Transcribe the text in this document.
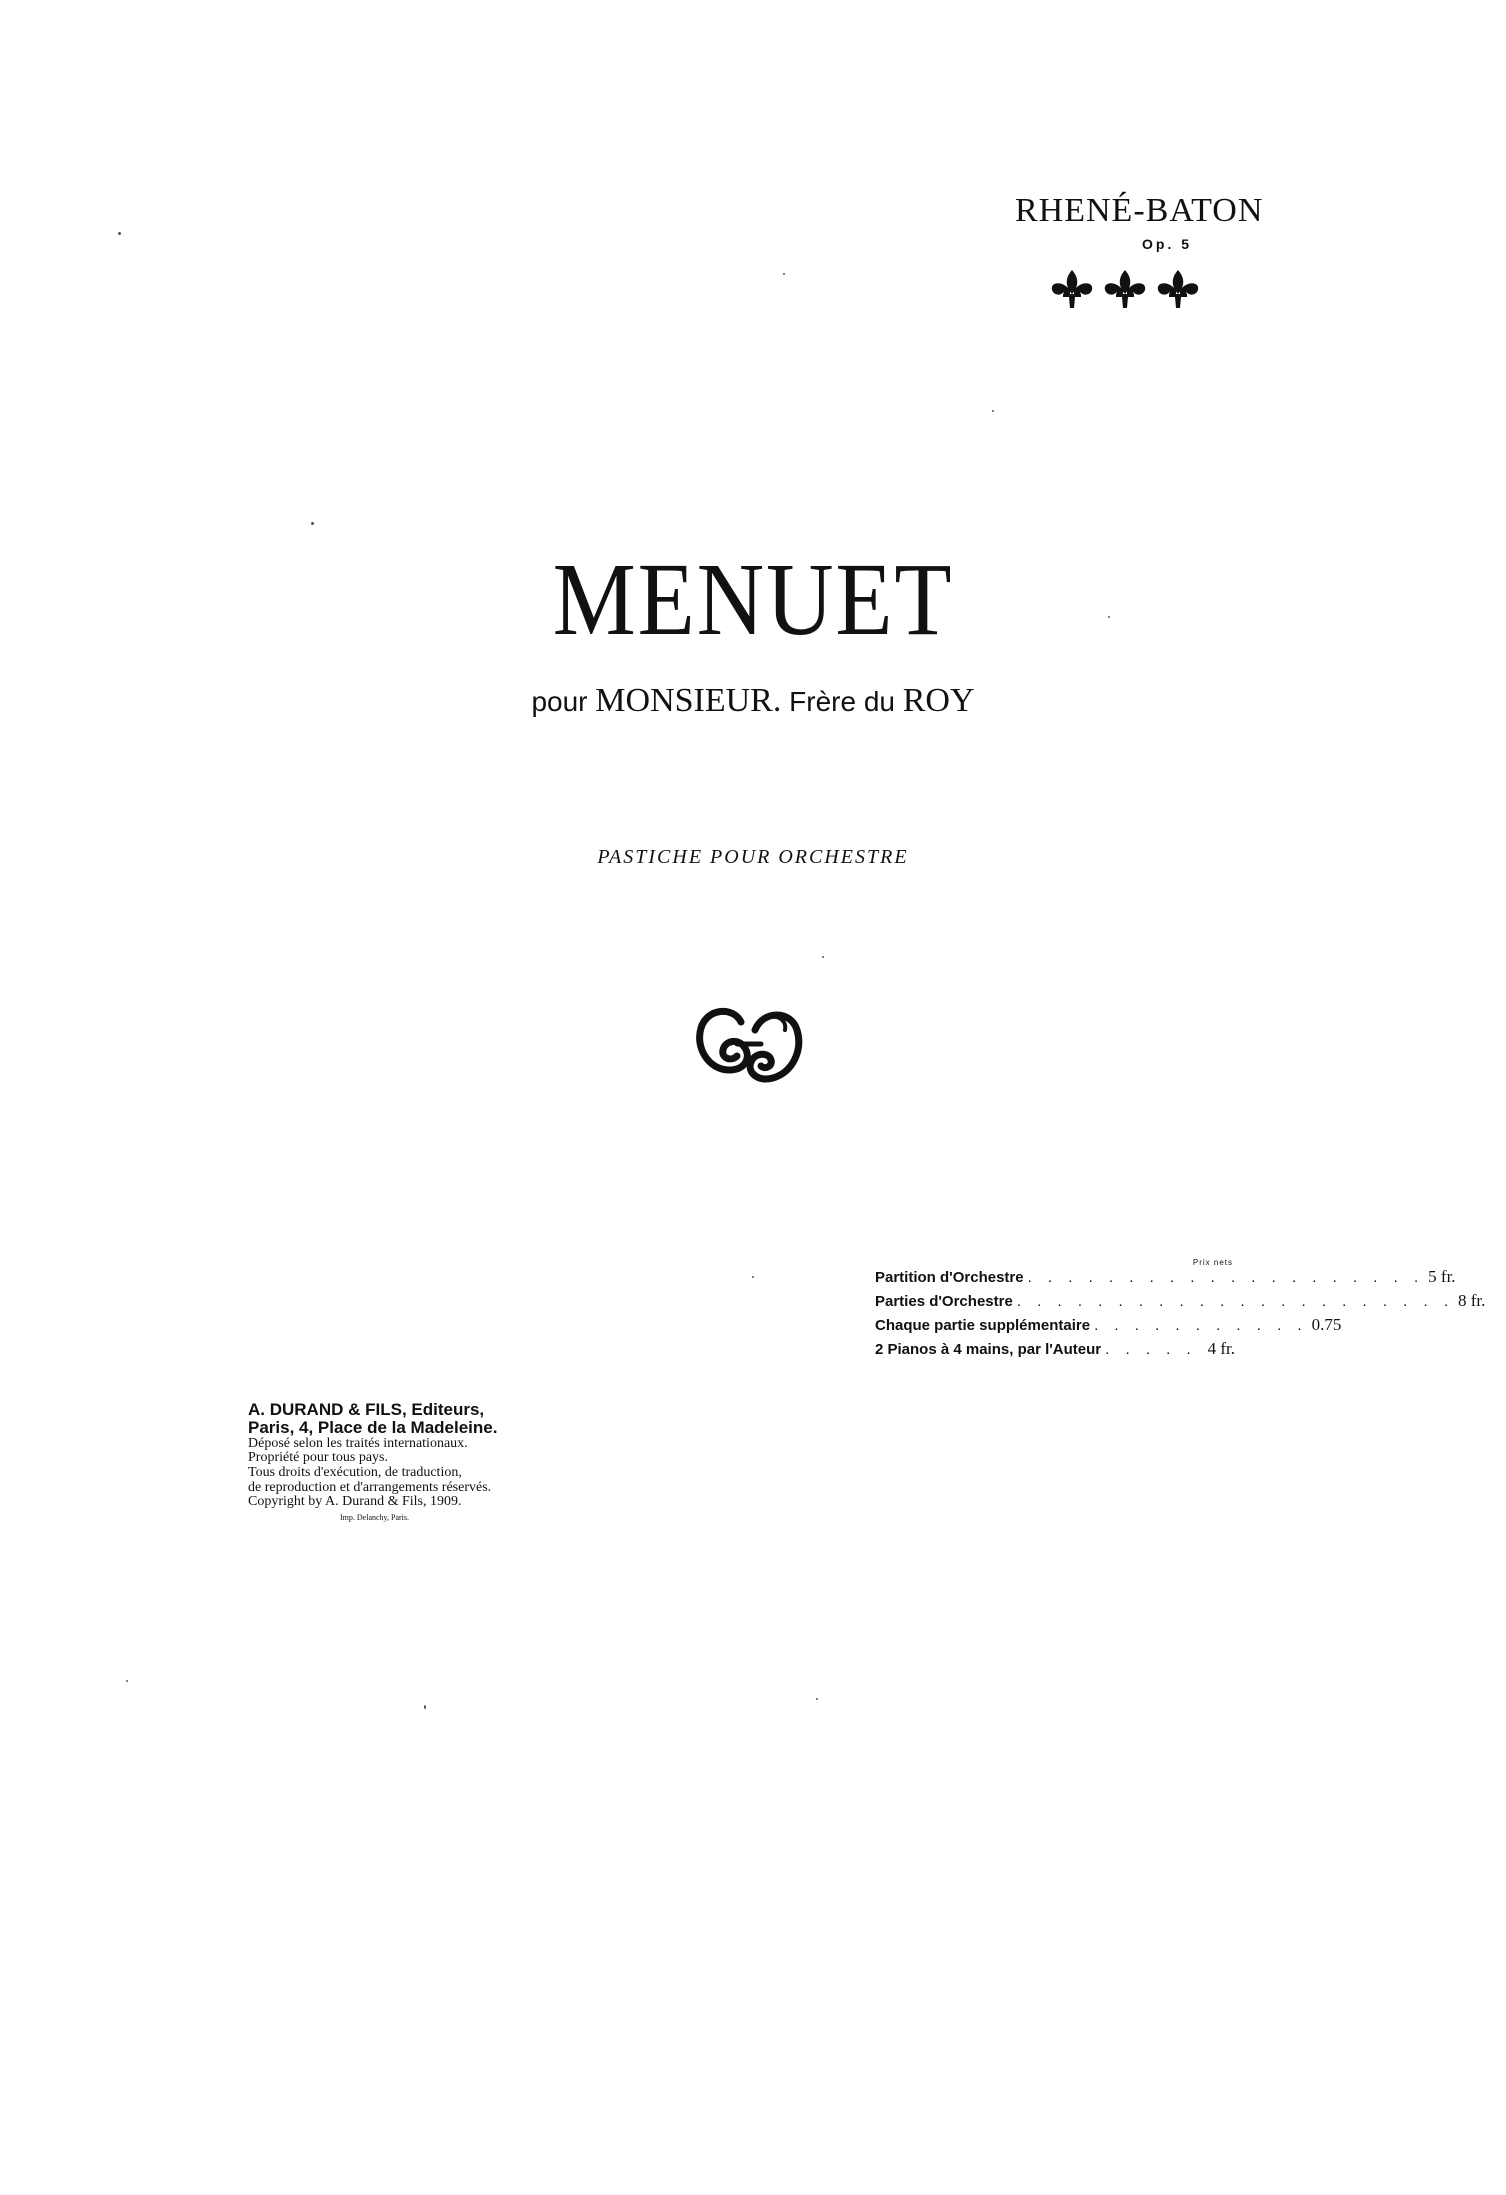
RHENÉ-BATON
Op. 5
MENUET
pour MONSIEUR. Frère du ROY
PASTICHE POUR ORCHESTRE
Prix nets
Partition d'Orchestre . . . . . . . . . . . . . . . . . . . . 5 fr.
Parties d'Orchestre . . . . . . . . . . . . . . . . . . . . . . 8 fr.
Chaque partie supplémentaire . . . . . . . . . . . 0.75
2 Pianos à 4 mains, par l'Auteur . . . . . 4 fr.
A. DURAND & FILS, Editeurs,
Paris, 4, Place de la Madeleine.
Déposé selon les traités internationaux.
Propriété pour tous pays.
Tous droits d'exécution, de traduction,
de reproduction et d'arrangements réservés.
Copyright by A. Durand & Fils, 1909.
Imp. Delanchy, Paris.
